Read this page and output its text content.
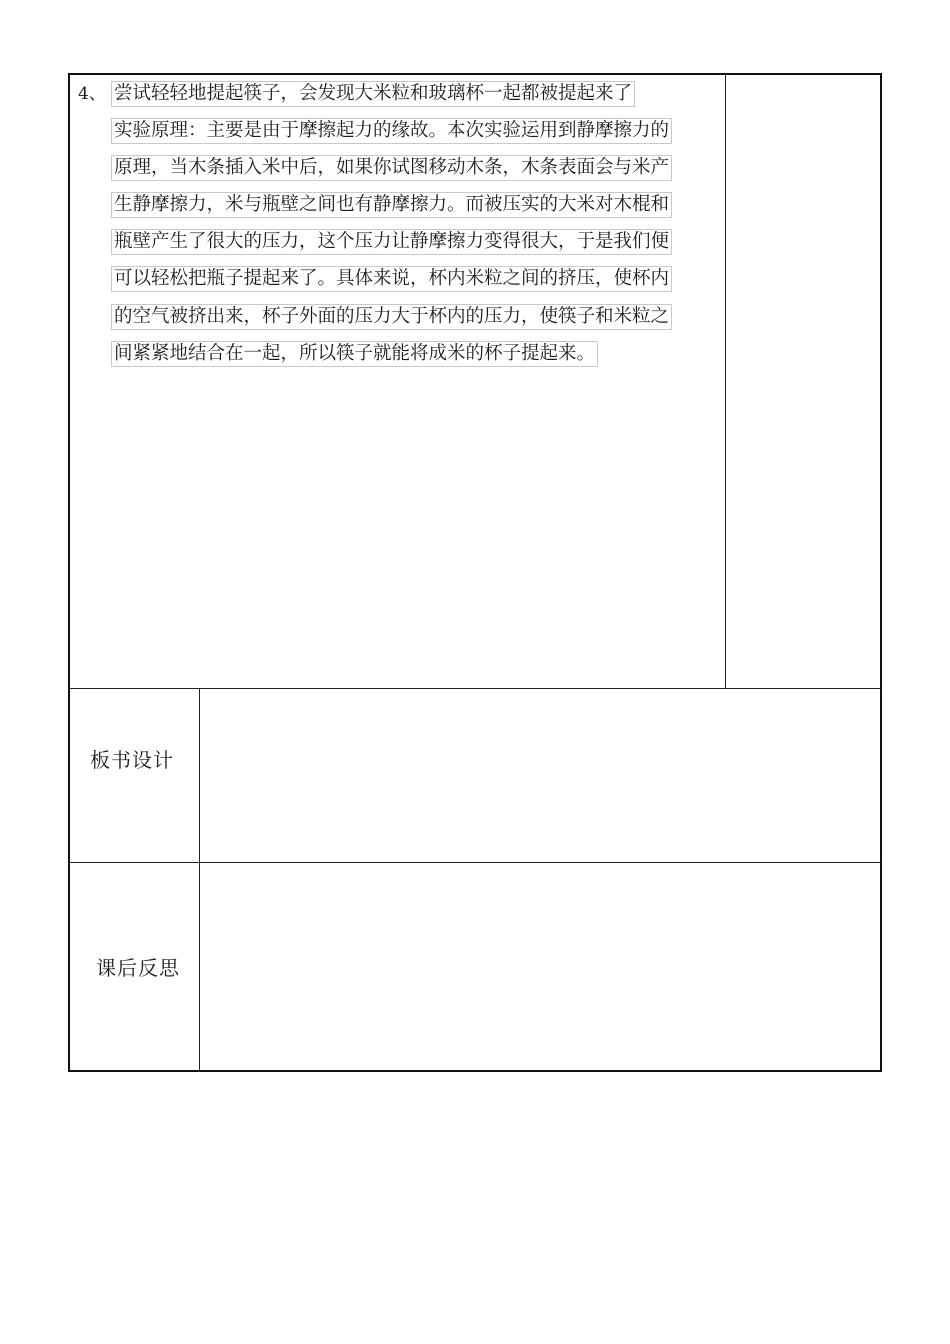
4、 尝试轻轻地提起筷子，会发现大米粒和玻璃杯一起都被提起来了
实验原理：主要是由于摩擦起力的缘故。本次实验运用到静摩擦力的
原理，当木条插入米中后，如果你试图移动木条，木条表面会与米产
生静摩擦力，米与瓶壁之间也有静摩擦力。而被压实的大米对木棍和
瓶壁产生了很大的压力，这个压力让静摩擦力变得很大，于是我们便
可以轻松把瓶子提起来了。具体来说，杯内米粒之间的挤压，使杯内
的空气被挤出来，杯子外面的压力大于杯内的压力，使筷子和米粒之
间紧紧地结合在一起，所以筷子就能将成米的杯子提起来。
板书设计
课后反思
